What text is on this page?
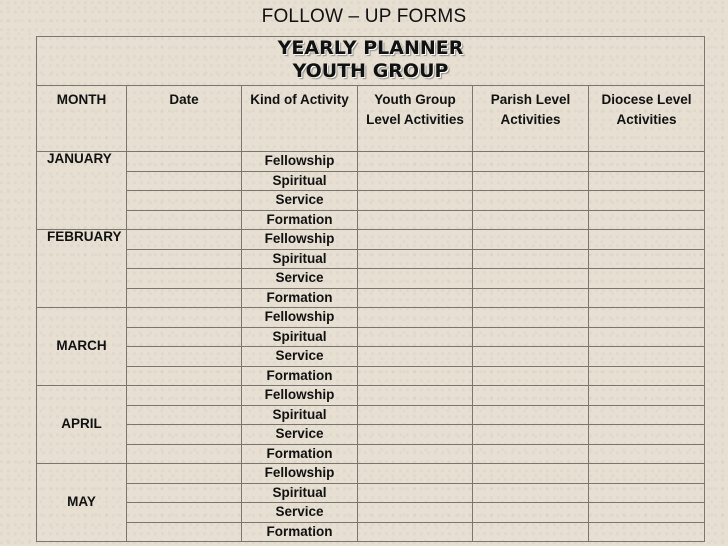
FOLLOW – UP FORMS
YEARLY PLANNER
YOUTH GROUP					

MONTH	Date	Kind of Activity	Youth Group Level Activities	Parish Level Activities	Diocese Level Activities
JANUARY		Fellowship			
		Spiritual			
		Service			
		Formation			
FEBRUARY		Fellowship			
		Spiritual			
		Service			
		Formation			
MARCH		Fellowship			
		Spiritual			
		Service			
		Formation			
APRIL		Fellowship			
		Spiritual			
		Service			
		Formation			
MAY		Fellowship			
		Spiritual			
		Service			
		Formation			
